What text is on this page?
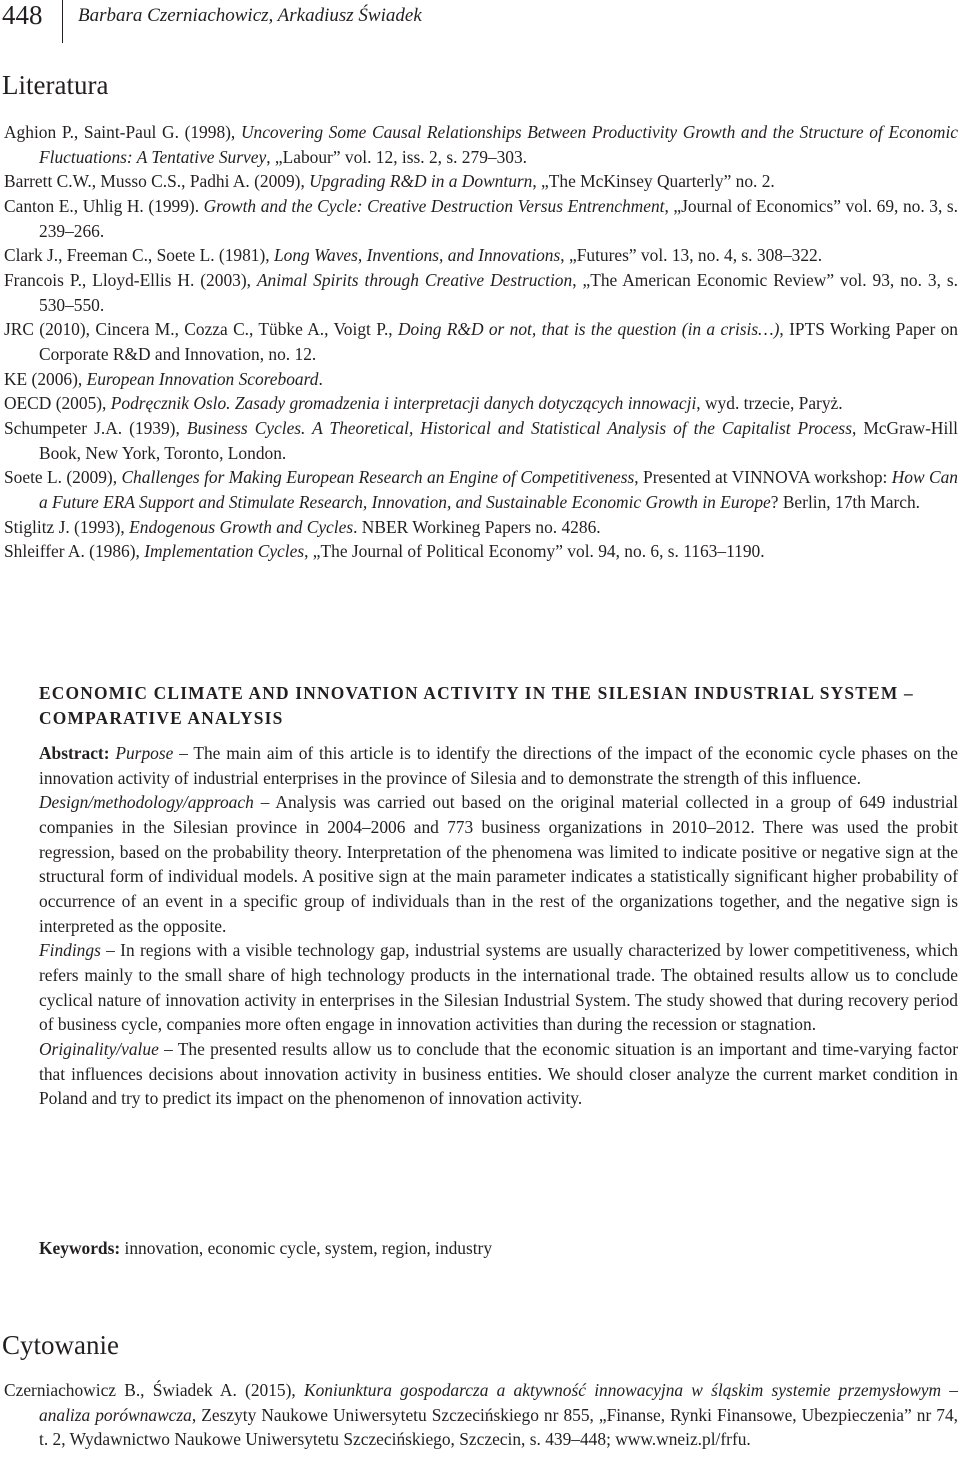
448 Barbara Czerniachowicz, Arkadiusz Świadek
Literatura
Aghion P., Saint-Paul G. (1998), Uncovering Some Causal Relationships Between Productivity Growth and the Structure of Economic Fluctuations: A Tentative Survey, „Labour” vol. 12, iss. 2, s. 279–303.
Barrett C.W., Musso C.S., Padhi A. (2009), Upgrading R&D in a Downturn, „The McKinsey Quarterly” no. 2.
Canton E., Uhlig H. (1999). Growth and the Cycle: Creative Destruction Versus Entrenchment, „Journal of Economics” vol. 69, no. 3, s. 239–266.
Clark J., Freeman C., Soete L. (1981), Long Waves, Inventions, and Innovations, „Futures” vol. 13, no. 4, s. 308–322.
Francois P., Lloyd-Ellis H. (2003), Animal Spirits through Creative Destruction, „The American Economic Review” vol. 93, no. 3, s. 530–550.
JRC (2010), Cincera M., Cozza C., Tübke A., Voigt P., Doing R&D or not, that is the question (in a crisis…), IPTS Working Paper on Corporate R&D and Innovation, no. 12.
KE (2006), European Innovation Scoreboard.
OECD (2005), Podręcznik Oslo. Zasady gromadzenia i interpretacji danych dotyczących innowacji, wyd. trzecie, Paryż.
Schumpeter J.A. (1939), Business Cycles. A Theoretical, Historical and Statistical Analysis of the Capitalist Process, McGraw-Hill Book, New York, Toronto, London.
Soete L. (2009), Challenges for Making European Research an Engine of Competitiveness, Presented at VINNOVA workshop: How Can a Future ERA Support and Stimulate Research, Innovation, and Sustainable Economic Growth in Europe? Berlin, 17th March.
Stiglitz J. (1993), Endogenous Growth and Cycles. NBER Workineg Papers no. 4286.
Shleiffer A. (1986), Implementation Cycles, „The Journal of Political Economy” vol. 94, no. 6, s. 1163–1190.
ECONOMIC CLIMATE AND INNOVATION ACTIVITY IN THE SILESIAN INDUSTRIAL SYSTEM – COMPARATIVE ANALYSIS

Abstract: Purpose – The main aim of this article is to identify the directions of the impact of the economic cycle phases on the innovation activity of industrial enterprises in the province of Silesia and to demonstrate the strength of this influence.

Design/methodology/approach – Analysis was carried out based on the original material collected in a group of 649 industrial companies in the Silesian province in 2004–2006 and 773 business organizations in 2010–2012. There was used the probit regression, based on the probability theory. Interpretation of the phenomena was limited to indicate positive or negative sign at the structural form of individual models. A positive sign at the main parameter indicates a statistically significant higher probability of occurrence of an event in a specific group of individuals than in the rest of the organizations together, and the negative sign is interpreted as the opposite.

Findings – In regions with a visible technology gap, industrial systems are usually characterized by lower competitiveness, which refers mainly to the small share of high technology products in the international trade. The obtained results allow us to conclude cyclical nature of innovation activity in enterprises in the Silesian Industrial System. The study showed that during recovery period of business cycle, companies more often engage in innovation activities than during the recession or stagnation.

Originality/value – The presented results allow us to conclude that the economic situation is an important and time-varying factor that influences decisions about innovation activity in business entities. We should closer analyze the current market condition in Poland and try to predict its impact on the phenomenon of innovation activity.

Keywords: innovation, economic cycle, system, region, industry

Cytowanie

Czerniachowicz B., Świadek A. (2015), Koniunktura gospodarcza a aktywność innowacyjna w śląskim systemie przemysłowym – analiza porównawcza, Zeszyty Naukowe Uniwersytetu Szczecińskiego nr 855, „Finanse, Rynki Finansowe, Ubezpieczenia” nr 74, t. 2, Wydawnictwo Naukowe Uniwersytetu Szczecińskiego, Szczecin, s. 439–448; www.wneiz.pl/frfu.
